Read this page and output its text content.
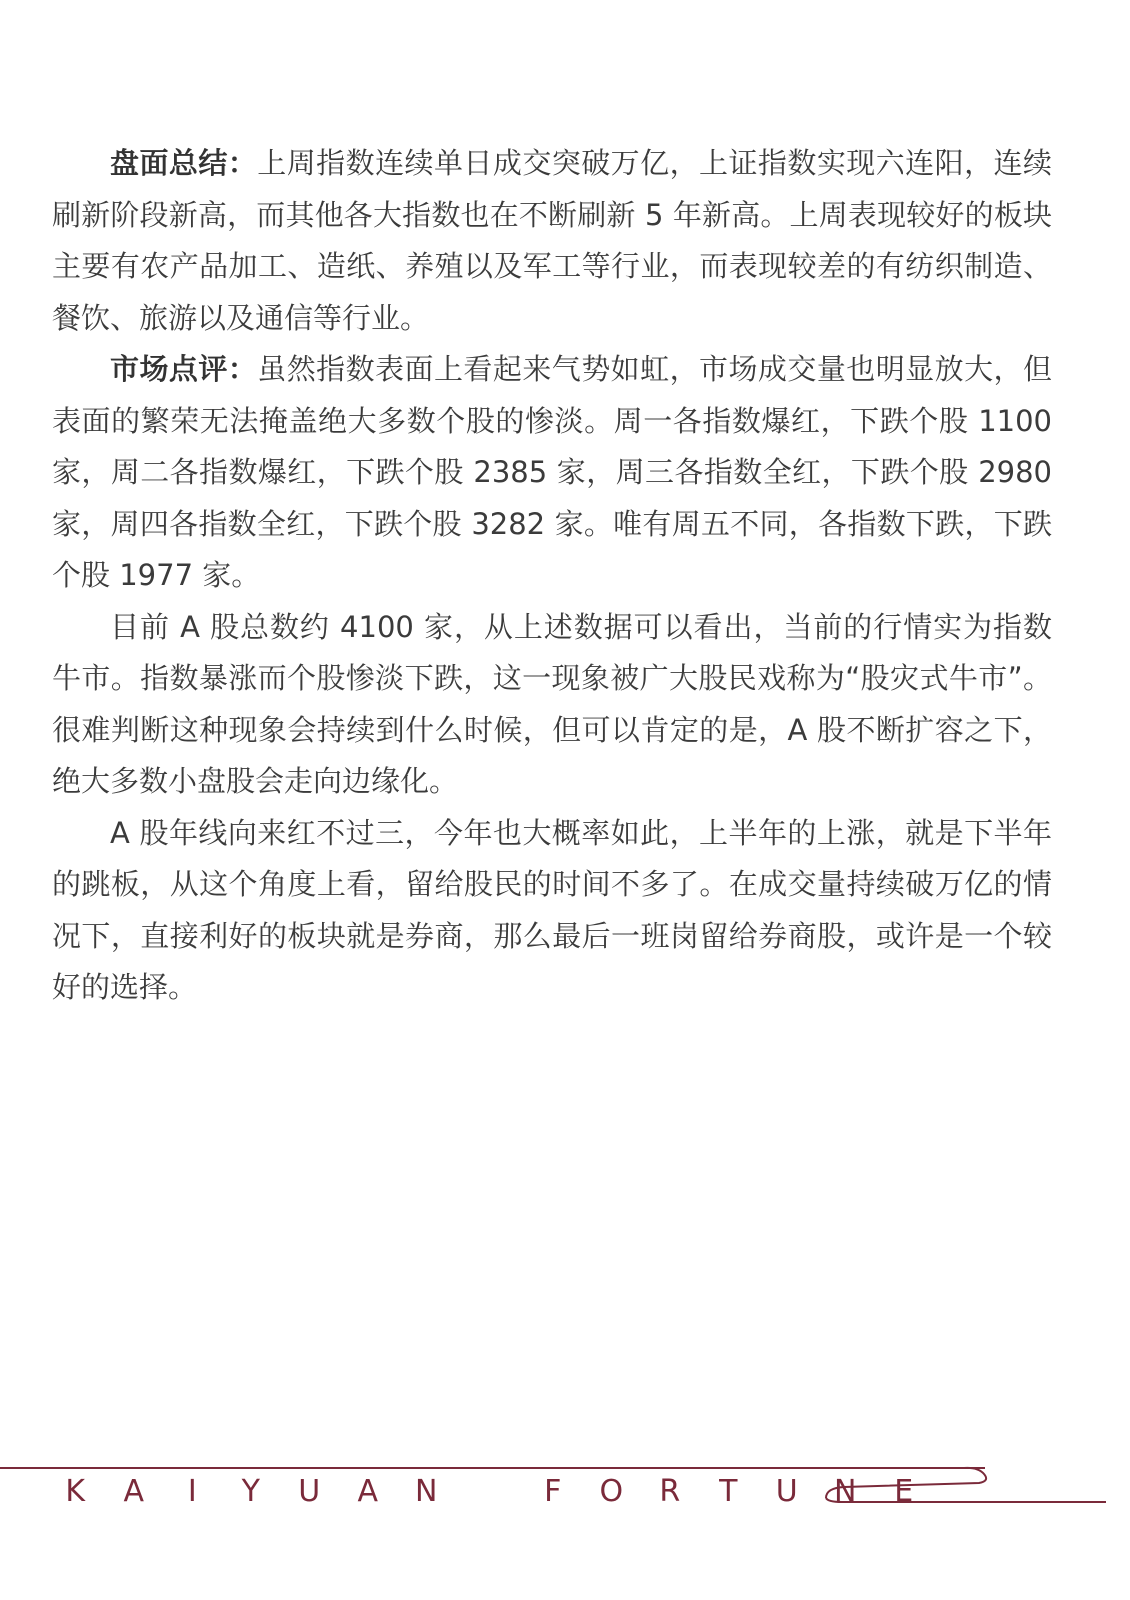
盘面总结：上周指数连续单日成交突破万亿，上证指数实现六连阳，连续刷新阶段新高，而其他各大指数也在不断刷新 5 年新高。上周表现较好的板块主要有农产品加工、造纸、养殖以及军工等行业，而表现较差的有纺织制造、餐饮、旅游以及通信等行业。

市场点评：虽然指数表面上看起来气势如虹，市场成交量也明显放大，但表面的繁荣无法掩盖绝大多数个股的惨淡。周一各指数爆红，下跌个股 1100 家，周二各指数爆红，下跌个股 2385 家，周三各指数全红，下跌个股 2980 家，周四各指数全红，下跌个股 3282 家。唯有周五不同，各指数下跌，下跌个股 1977 家。

目前 A 股总数约 4100 家，从上述数据可以看出，当前的行情实为指数牛市。指数暴涨而个股惨淡下跌，这一现象被广大股民戏称为“股灾式牛市”。很难判断这种现象会持续到什么时候，但可以肯定的是，A 股不断扩容之下，绝大多数小盘股会走向边缘化。

A 股年线向来红不过三，今年也大概率如此，上半年的上涨，就是下半年的跳板，从这个角度上看，留给股民的时间不多了。在成交量持续破万亿的情况下，直接利好的板块就是券商，那么最后一班岗留给券商股，或许是一个较好的选择。

K A I Y U A N	F O R T U N E
